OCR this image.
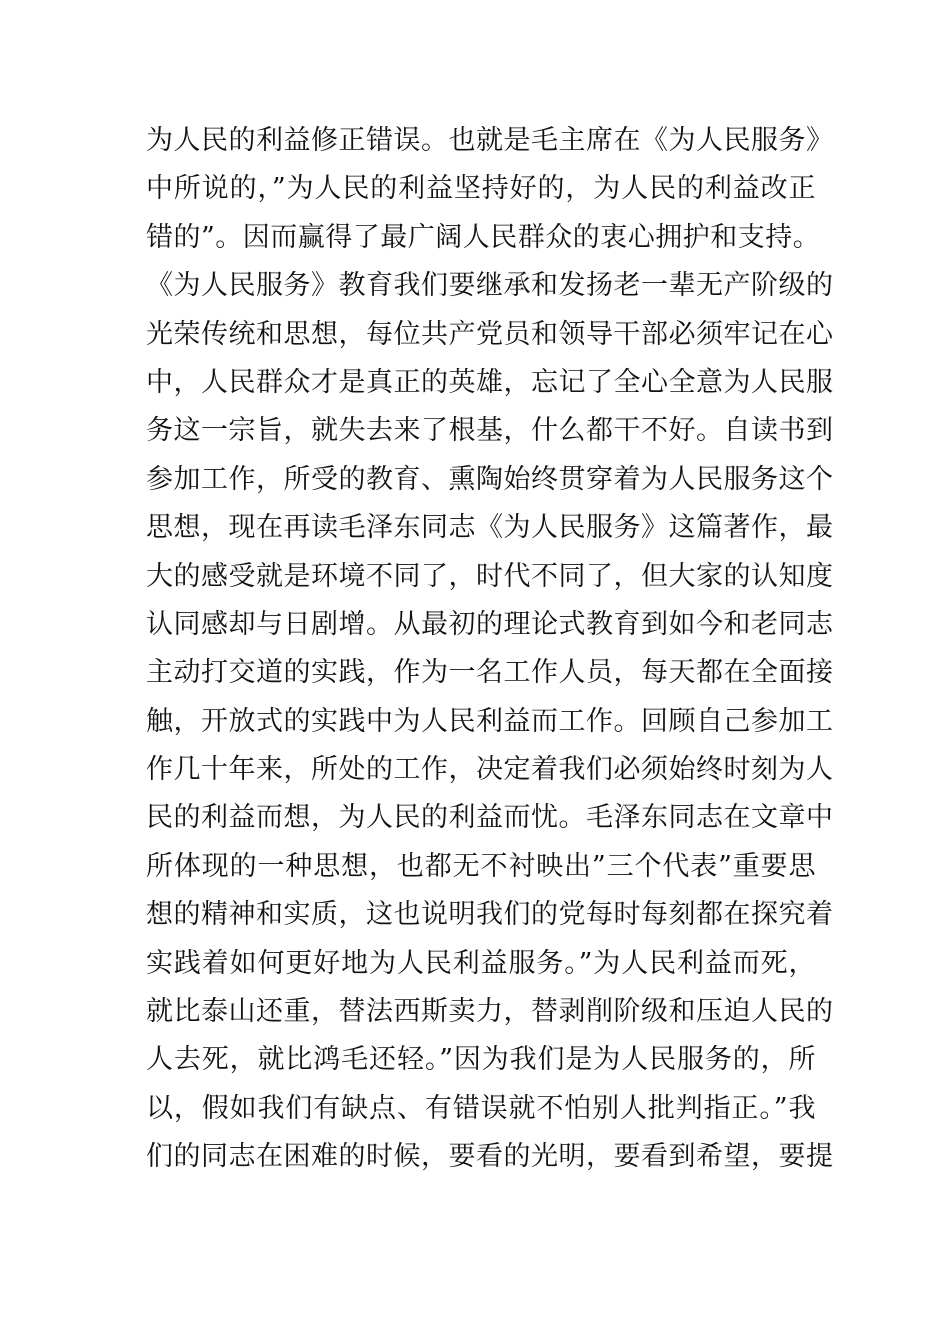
为人民的利益修正错误。也就是毛主席在《为人民服务》
中所说的，”为人民的利益坚持好的，为人民的利益改正
错的”。因而赢得了最广阔人民群众的衷心拥护和支持。
《为人民服务》教育我们要继承和发扬老一辈无产阶级的
光荣传统和思想，每位共产党员和领导干部必须牢记在心
中，人民群众才是真正的英雄，忘记了全心全意为人民服
务这一宗旨，就失去来了根基，什么都干不好。自读书到
参加工作，所受的教育、熏陶始终贯穿着为人民服务这个
思想，现在再读毛泽东同志《为人民服务》这篇著作，最
大的感受就是环境不同了，时代不同了，但大家的认知度
认同感却与日剧增。从最初的理论式教育到如今和老同志
主动打交道的实践，作为一名工作人员，每天都在全面接
触，开放式的实践中为人民利益而工作。回顾自己参加工
作几十年来，所处的工作，决定着我们必须始终时刻为人
民的利益而想，为人民的利益而忧。毛泽东同志在文章中
所体现的一种思想，也都无不衬映出”三个代表”重要思
想的精神和实质，这也说明我们的党每时每刻都在探究着
实践着如何更好地为人民利益服务。”为人民利益而死，
就比泰山还重，替法西斯卖力，替剥削阶级和压迫人民的
人去死，就比鸿毛还轻。”因为我们是为人民服务的，所
以，假如我们有缺点、有错误就不怕别人批判指正。”我
们的同志在困难的时候，要看的光明，要看到希望，要提
